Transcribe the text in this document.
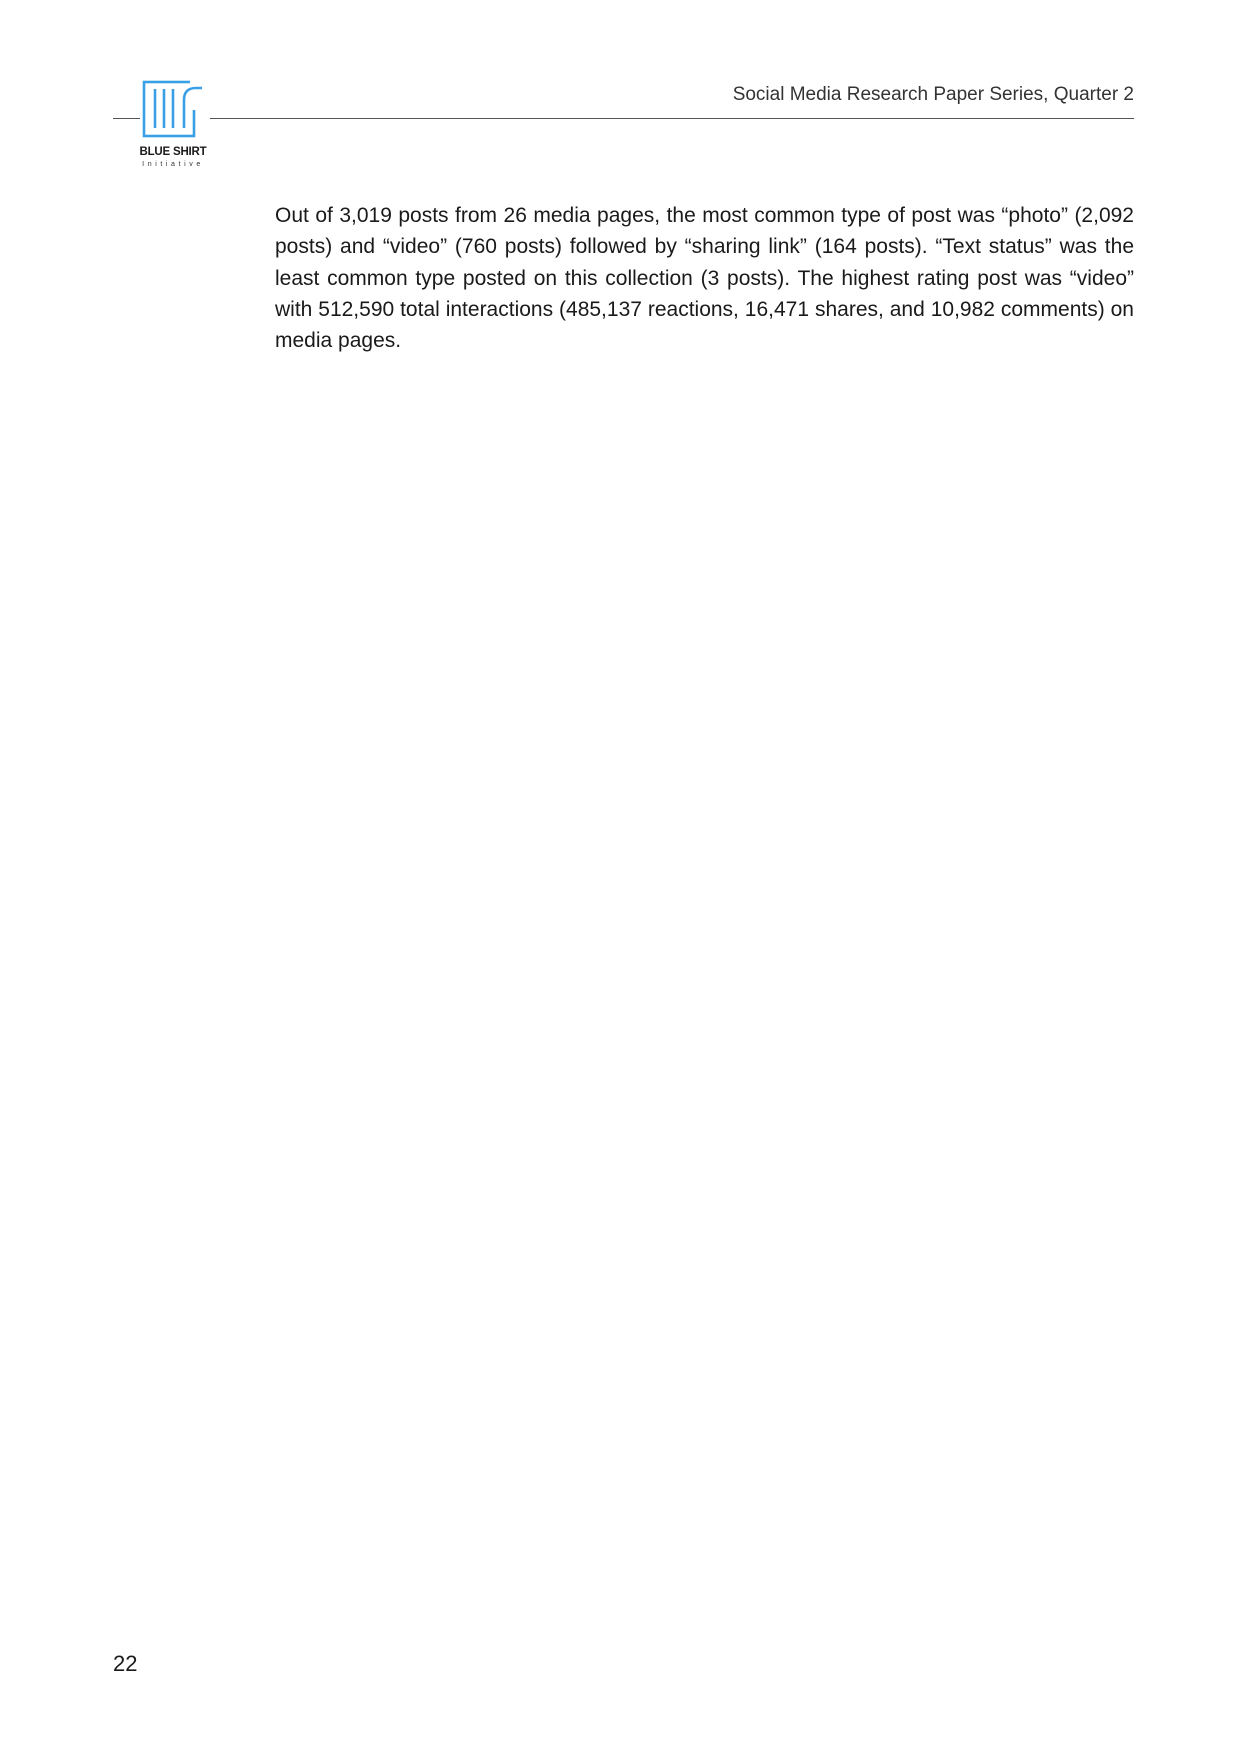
BLUE SHIRT
Initiative
Social Media Research Paper Series, Quarter 2

Out of 3,019 posts from 26 media pages, the most common type of post was “photo” (2,092 posts) and “video” (760 posts) followed by “sharing link” (164 posts). “Text status” was the least common type posted on this collection (3 posts). The highest rating post was “video” with 512,590 total interactions (485,137 reactions, 16,471 shares, and 10,982 comments) on media pages.

22
